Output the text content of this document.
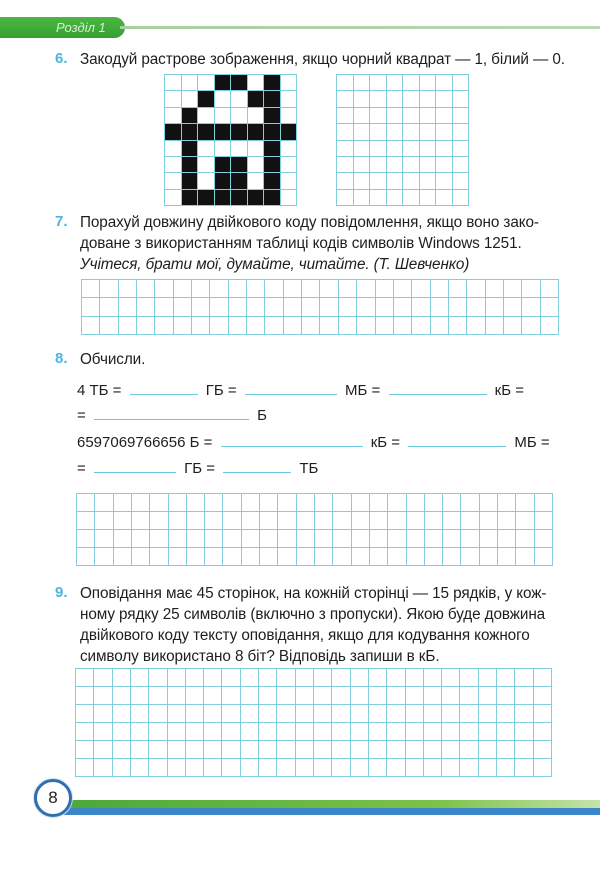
Розділ 1
6. Закодуй растрове зображення, якщо чорний квадрат — 1, білий — 0.
7. Порахуй довжину двійкового коду повідомлення, якщо воно зако-
доване з використанням таблиці кодів символів Windows 1251.
Учітеся, брати мої, думайте, читайте. (Т. Шевченко)
8. Обчисли.
4 ТБ =	ГБ =	МБ =	кБ =
=	Б
6597069766656 Б =	кБ =	МБ =
=	ГБ =	ТБ
9. Оповідання має 45 сторінок, на кожній сторінці — 15 рядків, у кож-
ному рядку 25 символів (включно з пропуски). Якою буде довжина
двійкового коду тексту оповідання, якщо для кодування кожного
символу використано 8 біт? Відповідь запиши в кБ.
8
